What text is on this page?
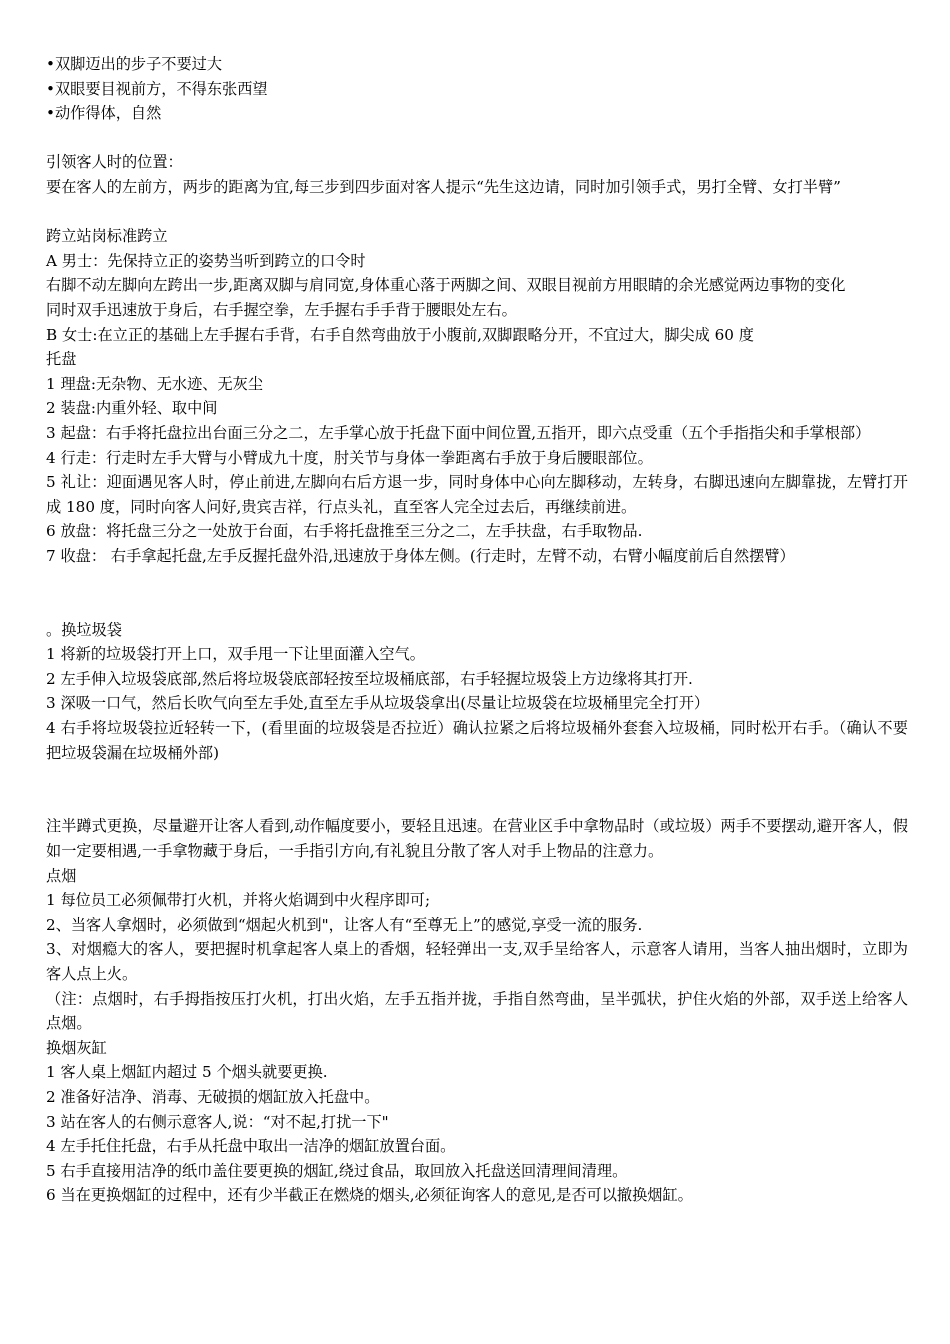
•双脚迈出的步子不要过大

•双眼要目视前方，不得东张西望

•动作得体，自然

引领客人时的位置：

要在客人的左前方，两步的距离为宜,每三步到四步面对客人提示“先生这边请，同时加引领手式，男打全臂、女打半臂”

跨立站岗标准跨立

A 男士：先保持立正的姿势当听到跨立的口令时

右脚不动左脚向左跨出一步,距离双脚与肩同宽,身体重心落于两脚之间、双眼目视前方用眼睛的余光感觉两边事物的变化

同时双手迅速放于身后，右手握空拳，左手握右手手背于腰眼处左右。

B 女士:在立正的基础上左手握右手背，右手自然弯曲放于小腹前,双脚跟略分开，不宜过大，脚尖成 60 度

托盘

1 理盘:无杂物、无水迹、无灰尘

2 装盘:内重外轻、取中间

3 起盘：右手将托盘拉出台面三分之二，左手掌心放于托盘下面中间位置,五指开，即六点受重（五个手指指尖和手掌根部）

4 行走：行走时左手大臂与小臂成九十度，肘关节与身体一拳距离右手放于身后腰眼部位。

5 礼让：迎面遇见客人时，停止前进,左脚向右后方退一步，同时身体中心向左脚移动，左转身，右脚迅速向左脚靠拢，左臂打开成 180 度，同时向客人问好,贵宾吉祥，行点头礼，直至客人完全过去后，再继续前进。

6 放盘：将托盘三分之一处放于台面，右手将托盘推至三分之二，左手扶盘，右手取物品.

7 收盘： 右手拿起托盘,左手反握托盘外沿,迅速放于身体左侧。(行走时，左臂不动，右臂小幅度前后自然摆臂）

。换垃圾袋

1 将新的垃圾袋打开上口，双手甩一下让里面灌入空气。

2 左手伸入垃圾袋底部,然后将垃圾袋底部轻按至垃圾桶底部，右手轻握垃圾袋上方边缘将其打开.

3 深吸一口气，然后长吹气向至左手处,直至左手从垃圾袋拿出(尽量让垃圾袋在垃圾桶里完全打开）

4 右手将垃圾袋拉近轻转一下，(看里面的垃圾袋是否拉近）确认拉紧之后将垃圾桶外套套入垃圾桶，同时松开右手。（确认不要把垃圾袋漏在垃圾桶外部)

注半蹲式更换，尽量避开让客人看到,动作幅度要小，要轻且迅速。在营业区手中拿物品时（或垃圾）两手不要摆动,避开客人，假如一定要相遇,一手拿物藏于身后，一手指引方向,有礼貌且分散了客人对手上物品的注意力。

点烟

1 每位员工必须佩带打火机，并将火焰调到中火程序即可;

2、当客人拿烟时，必须做到“烟起火机到"，让客人有“至尊无上”的感觉,享受一流的服务.

3、对烟瘾大的客人，要把握时机拿起客人桌上的香烟，轻轻弹出一支,双手呈给客人，示意客人请用，当客人抽出烟时，立即为客人点上火。

（注：点烟时，右手拇指按压打火机，打出火焰，左手五指并拢，手指自然弯曲，呈半弧状，护住火焰的外部，双手送上给客人点烟。

换烟灰缸

1 客人桌上烟缸内超过 5 个烟头就要更换.

2 准备好洁净、消毒、无破损的烟缸放入托盘中。

3 站在客人的右侧示意客人,说：“对不起,打扰一下"

4 左手托住托盘，右手从托盘中取出一洁净的烟缸放置台面。

5 右手直接用洁净的纸巾盖住要更换的烟缸,绕过食品，取回放入托盘送回清理间清理。

6 当在更换烟缸的过程中，还有少半截正在燃烧的烟头,必须征询客人的意见,是否可以撤换烟缸。
